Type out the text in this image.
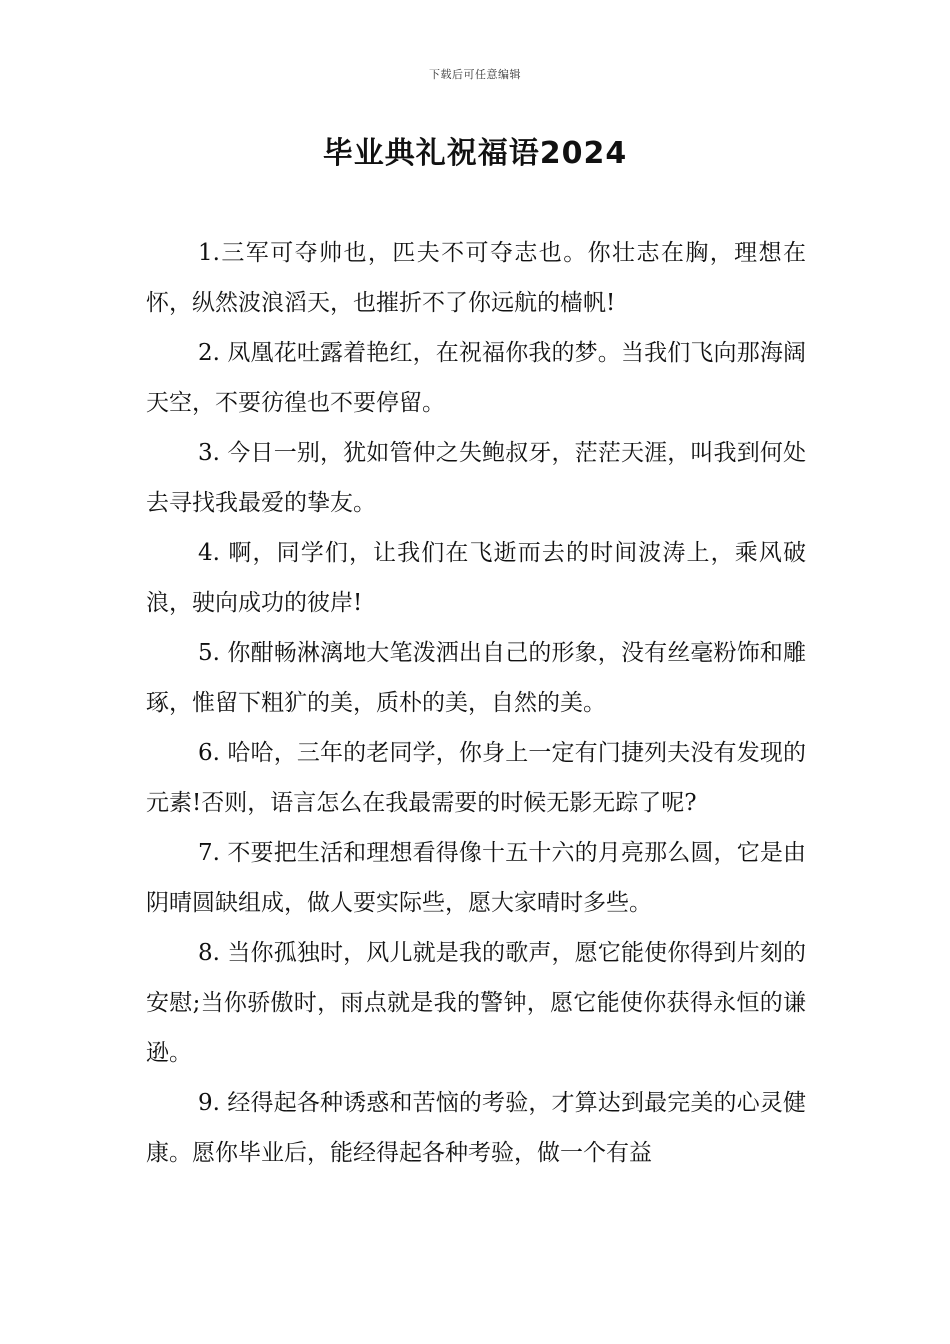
下载后可任意编辑
毕业典礼祝福语2024

1.三军可夺帅也，匹夫不可夺志也。你壮志在胸，理想在怀，纵然波浪滔天，也摧折不了你远航的樯帆!

2. 凤凰花吐露着艳红，在祝福你我的梦。当我们飞向那海阔天空，不要彷徨也不要停留。

3. 今日一别，犹如管仲之失鲍叔牙，茫茫天涯，叫我到何处去寻找我最爱的挚友。

4. 啊，同学们，让我们在飞逝而去的时间波涛上，乘风破浪，驶向成功的彼岸!

5. 你酣畅淋漓地大笔泼洒出自己的形象，没有丝毫粉饰和雕琢，惟留下粗犷的美，质朴的美，自然的美。

6. 哈哈，三年的老同学，你身上一定有门捷列夫没有发现的元素!否则，语言怎么在我最需要的时候无影无踪了呢?

7. 不要把生活和理想看得像十五十六的月亮那么圆，它是由阴晴圆缺组成，做人要实际些，愿大家晴时多些。

8. 当你孤独时，风儿就是我的歌声，愿它能使你得到片刻的安慰;当你骄傲时，雨点就是我的警钟，愿它能使你获得永恒的谦逊。

9. 经得起各种诱惑和苦恼的考验，才算达到最完美的心灵健康。愿你毕业后，能经得起各种考验，做一个有益
